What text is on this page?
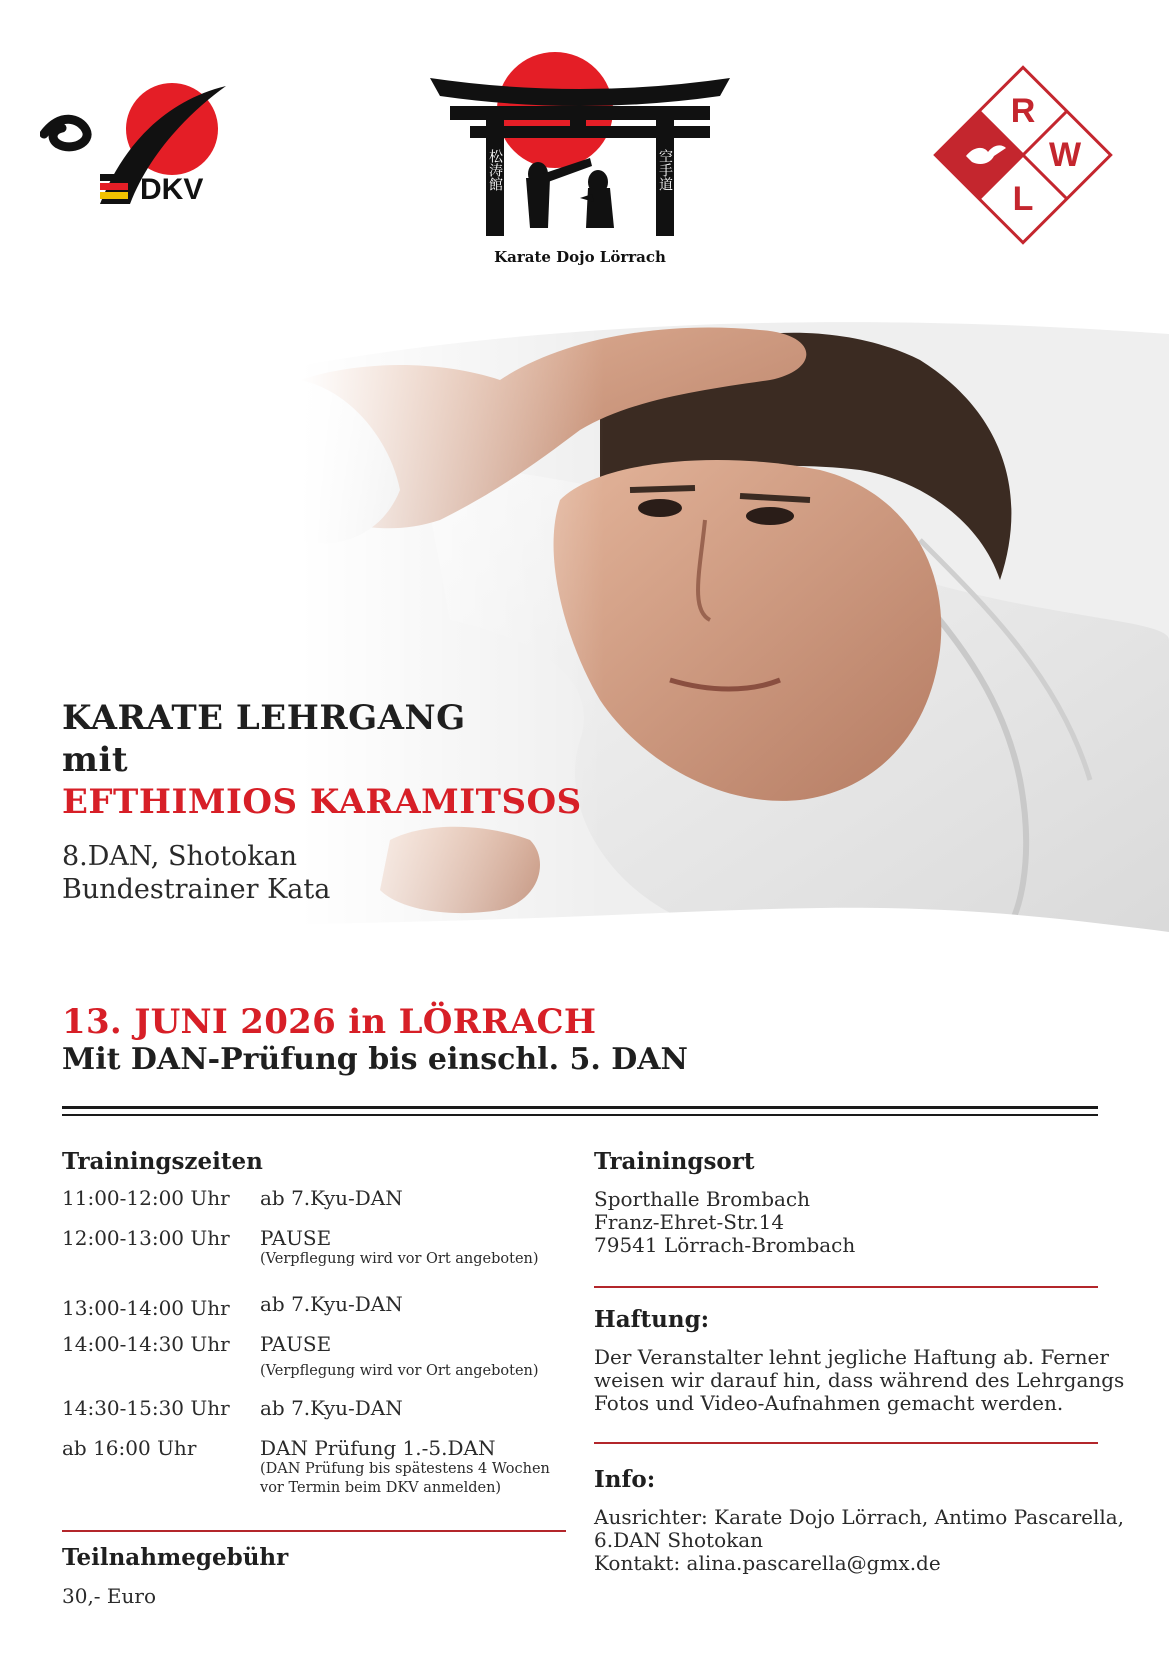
DKV	松涛館	空手道
Karate Dojo Lörrach
R
W
L
KARATE LEHRGANG
mit
EFTHIMIOS KARAMITSOS
8.DAN, Shotokan
Bundestrainer Kata
13. JUNI 2026 in LÖRRACH
Mit DAN-Prüfung bis einschl. 5. DAN
Trainingszeiten
11:00-12:00 Uhr ab 7.Kyu-DAN
12:00-13:00 Uhr PAUSE
(Verpflegung wird vor Ort angeboten)
13:00-14:00 Uhr ab 7.Kyu-DAN
14:00-14:30 Uhr PAUSE
(Verpflegung wird vor Ort angeboten)
14:30-15:30 Uhr ab 7.Kyu-DAN
ab 16:00 Uhr	DAN Prüfung 1.-5.DAN
(DAN Prüfung bis spätestens 4 Wochen
vor Termin beim DKV anmelden)
Teilnahmegebühr
30,- Euro
Trainingsort
Sporthalle Brombach
Franz-Ehret-Str.14
79541 Lörrach-Brombach
Haftung:
Der Veranstalter lehnt jegliche Haftung ab. Ferner
weisen wir darauf hin, dass während des Lehrgangs
Fotos und Video-Aufnahmen gemacht werden.
Info:
Ausrichter: Karate Dojo Lörrach, Antimo Pascarella,
6.DAN Shotokan
Kontakt: alina.pascarella@gmx.de
